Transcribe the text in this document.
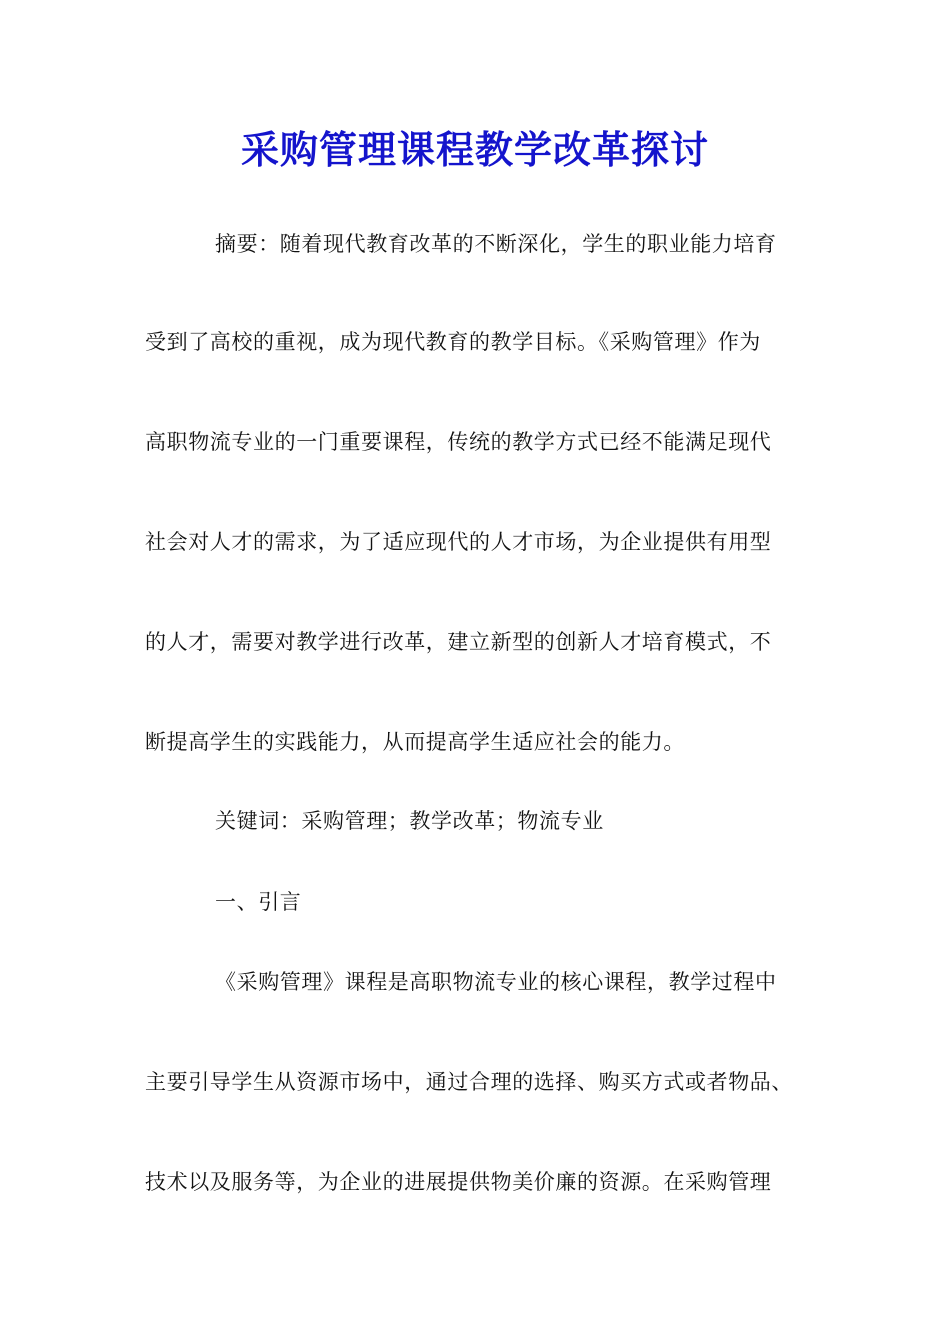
采购管理课程教学改革探讨
摘要：随着现代教育改革的不断深化，学生的职业能力培育
受到了高校的重视，成为现代教育的教学目标。《采购管理》作为
高职物流专业的一门重要课程，传统的教学方式已经不能满足现代
社会对人才的需求，为了适应现代的人才市场，为企业提供有用型
的人才，需要对教学进行改革，建立新型的创新人才培育模式，不
断提高学生的实践能力，从而提高学生适应社会的能力。
关键词：采购管理；教学改革；物流专业
一、引言
《采购管理》课程是高职物流专业的核心课程，教学过程中
主要引导学生从资源市场中，通过合理的选择、购买方式或者物品、
技术以及服务等，为企业的进展提供物美价廉的资源。在采购管理
